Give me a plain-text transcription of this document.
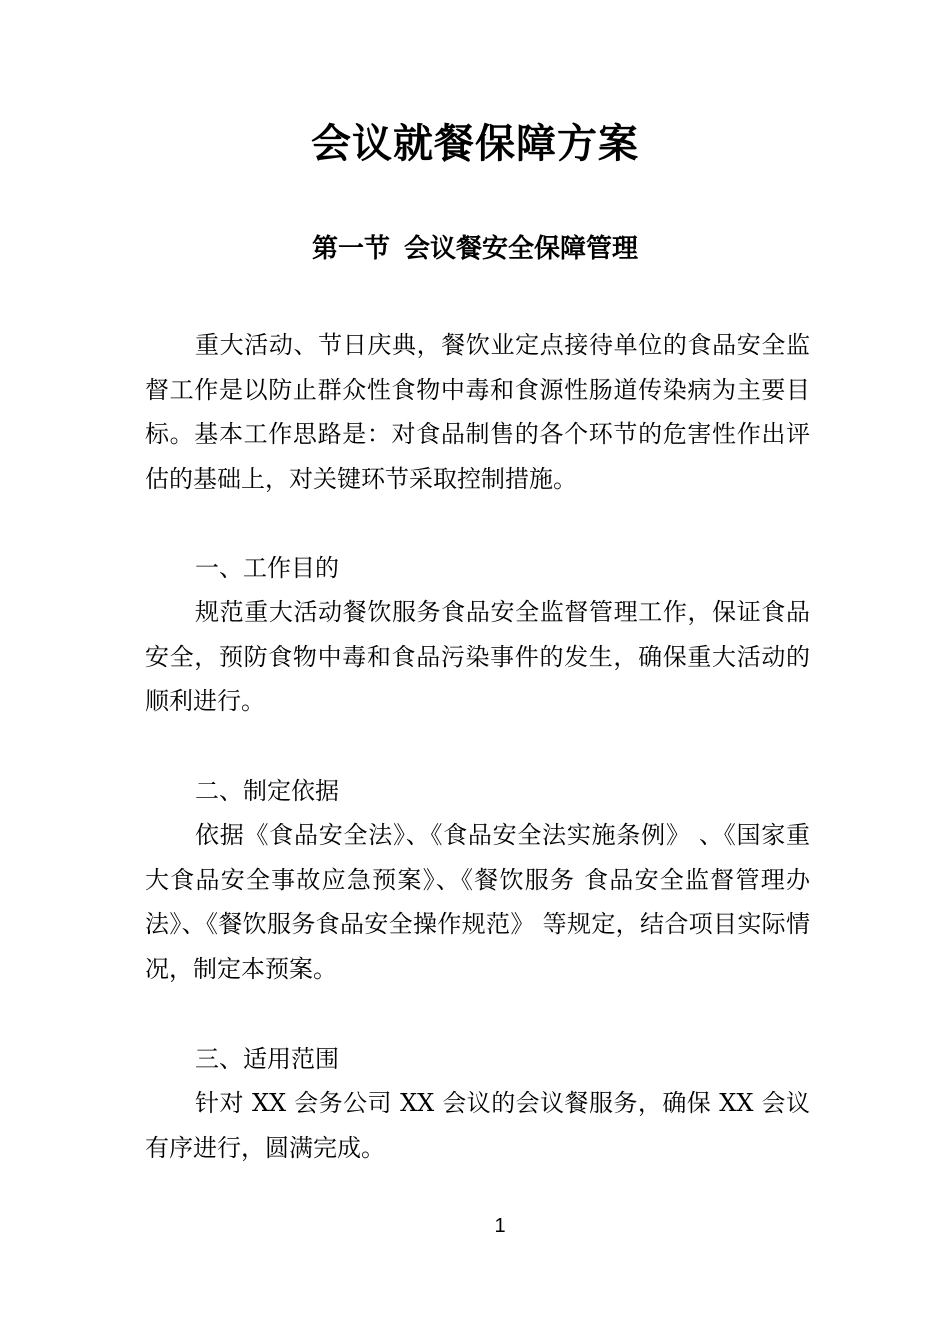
会议就餐保障方案
第一节 会议餐安全保障管理

重大活动、节日庆典，餐饮业定点接待单位的食品安全监督工作是以防止群众性食物中毒和食源性肠道传染病为主要目标。基本工作思路是：对食品制售的各个环节的危害性作出评估的基础上，对关键环节采取控制措施。

一、工作目的

规范重大活动餐饮服务食品安全监督管理工作，保证食品安全，预防食物中毒和食品污染事件的发生，确保重大活动的顺利进行。

二、制定依据

依据《食品安全法》、《食品安全法实施条例》 、《国家重大食品安全事故应急预案》、《餐饮服务 食品安全监督管理办法》、《餐饮服务食品安全操作规范》 等规定，结合项目实际情况，制定本预案。

三、适用范围

针对 XX 会务公司 XX 会议的会议餐服务，确保 XX 会议有序进行，圆满完成。

1
